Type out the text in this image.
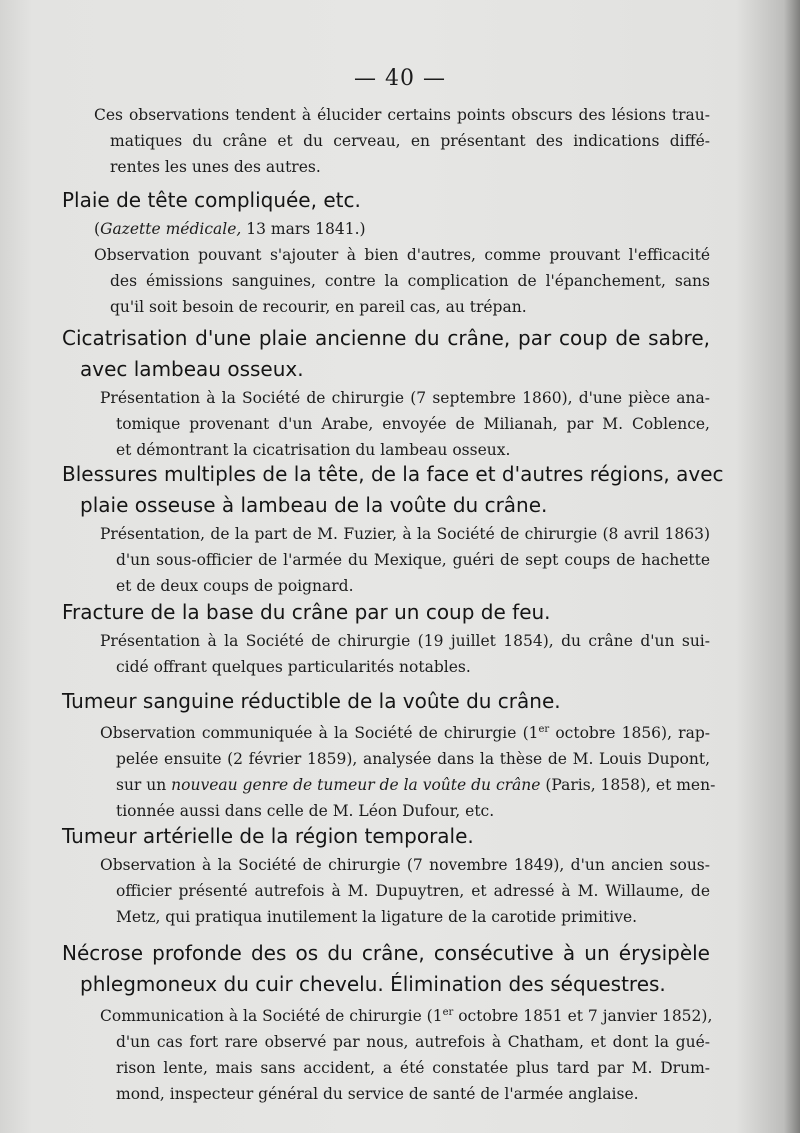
— 40 —

Ces observations tendent à élucider certains points obscurs des lésions trau-
matiques du crâne et du cerveau, en présentant des indications diffé-
rentes les unes des autres.

Plaie de tête compliquée, etc.

(Gazette médicale, 13 mars 1841.)
Observation pouvant s'ajouter à bien d'autres, comme prouvant l'efficacité
des émissions sanguines, contre la complication de l'épanchement, sans
qu'il soit besoin de recourir, en pareil cas, au trépan.

Cicatrisation d'une plaie ancienne du crâne, par coup de sabre,
avec lambeau osseux.

Présentation à la Société de chirurgie (7 septembre 1860), d'une pièce ana-
tomique provenant d'un Arabe, envoyée de Milianah, par M. Coblence,
et démontrant la cicatrisation du lambeau osseux.

Blessures multiples de la tête, de la face et d'autres régions, avec
plaie osseuse à lambeau de la voûte du crâne.

Présentation, de la part de M. Fuzier, à la Société de chirurgie (8 avril 1863)
d'un sous-officier de l'armée du Mexique, guéri de sept coups de hachette
et de deux coups de poignard.

Fracture de la base du crâne par un coup de feu.

Présentation à la Société de chirurgie (19 juillet 1854), du crâne d'un sui-
cidé offrant quelques particularités notables.

Tumeur sanguine réductible de la voûte du crâne.

Observation communiquée à la Société de chirurgie (1er octobre 1856), rap-
pelée ensuite (2 février 1859), analysée dans la thèse de M. Louis Dupont,
sur un nouveau genre de tumeur de la voûte du crâne (Paris, 1858), et men-
tionnée aussi dans celle de M. Léon Dufour, etc.

Tumeur artérielle de la région temporale.

Observation à la Société de chirurgie (7 novembre 1849), d'un ancien sous-
officier présenté autrefois à M. Dupuytren, et adressé à M. Willaume, de
Metz, qui pratiqua inutilement la ligature de la carotide primitive.

Nécrose profonde des os du crâne, consécutive à un érysipèle
phlegmoneux du cuir chevelu. Élimination des séquestres.

Communication à la Société de chirurgie (1er octobre 1851 et 7 janvier 1852),
d'un cas fort rare observé par nous, autrefois à Chatham, et dont la gué-
rison lente, mais sans accident, a été constatée plus tard par M. Drum-
mond, inspecteur général du service de santé de l'armée anglaise.
